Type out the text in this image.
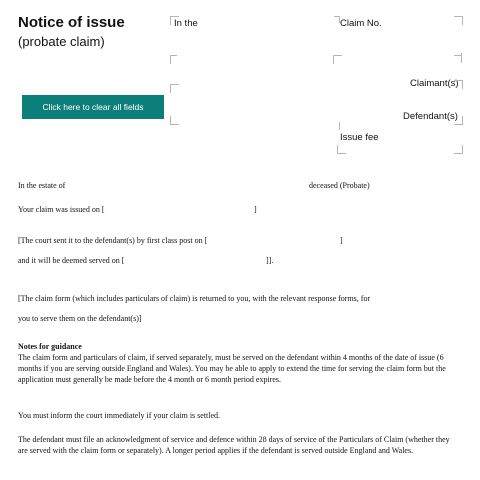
Notice of issue
(probate claim)
In the	Claim No.
Claimant(s)
Defendant(s)
Issue fee
Click here to clear all fields
In the estate of	deceased (Probate)
Your claim was issued on [	]
[The court sent it to the defendant(s) by first class post on [	]
and it will be deemed served on [	]].
[The claim form (which includes particulars of claim) is returned to you, with the relevant response forms, for
you to serve them on the defendant(s)]
Notes for guidance
The claim form and particulars of claim, if served separately, must be served on the defendant within 4 months of the date of issue (6 months if you are serving outside England and Wales). You may be able to apply to extend the time for serving the claim form but the application must generally be made before the 4 month or 6 month period expires.
You must inform the court immediately if your claim is settled.
The defendant must file an acknowledgment of service and defence within 28 days of service of the Particulars of Claim (whether they are served with the claim form or separately). A longer period applies if the defendant is served outside England and Wales.
